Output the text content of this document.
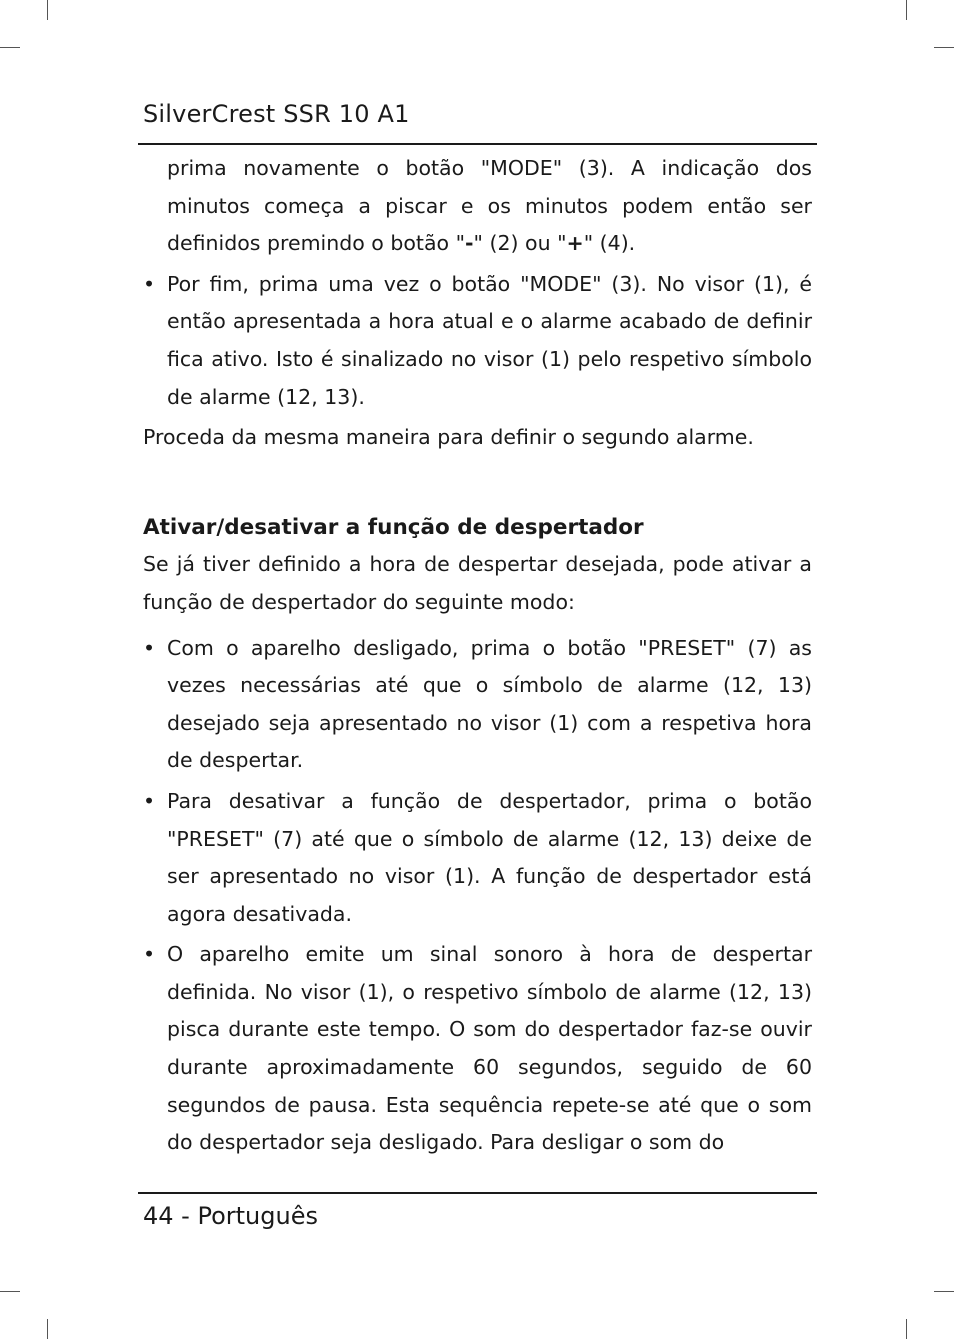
SilverCrest SSR 10 A1

prima novamente o botão "MODE" (3). A indicação dos minutos começa a piscar e os minutos podem então ser definidos premindo o botão "-" (2) ou "+" (4).

• Por fim, prima uma vez o botão "MODE" (3). No visor (1), é então apresentada a hora atual e o alarme acabado de definir fica ativo. Isto é sinalizado no visor (1) pelo respetivo símbolo de alarme (12, 13).

Proceda da mesma maneira para definir o segundo alarme.

Ativar/desativar a função de despertador

Se já tiver definido a hora de despertar desejada, pode ativar a função de despertador do seguinte modo:

• Com o aparelho desligado, prima o botão "PRESET" (7) as vezes necessárias até que o símbolo de alarme (12, 13) desejado seja apresentado no visor (1) com a respetiva hora de despertar.

• Para desativar a função de despertador, prima o botão "PRESET" (7) até que o símbolo de alarme (12, 13) deixe de ser apresentado no visor (1). A função de despertador está agora desativada.

• O aparelho emite um sinal sonoro à hora de despertar definida. No visor (1), o respetivo símbolo de alarme (12, 13) pisca durante este tempo. O som do despertador faz-se ouvir durante aproximadamente 60 segundos, seguido de 60 segundos de pausa. Esta sequência repete-se até que o som do despertador seja desligado. Para desligar o som do

44 - Português
